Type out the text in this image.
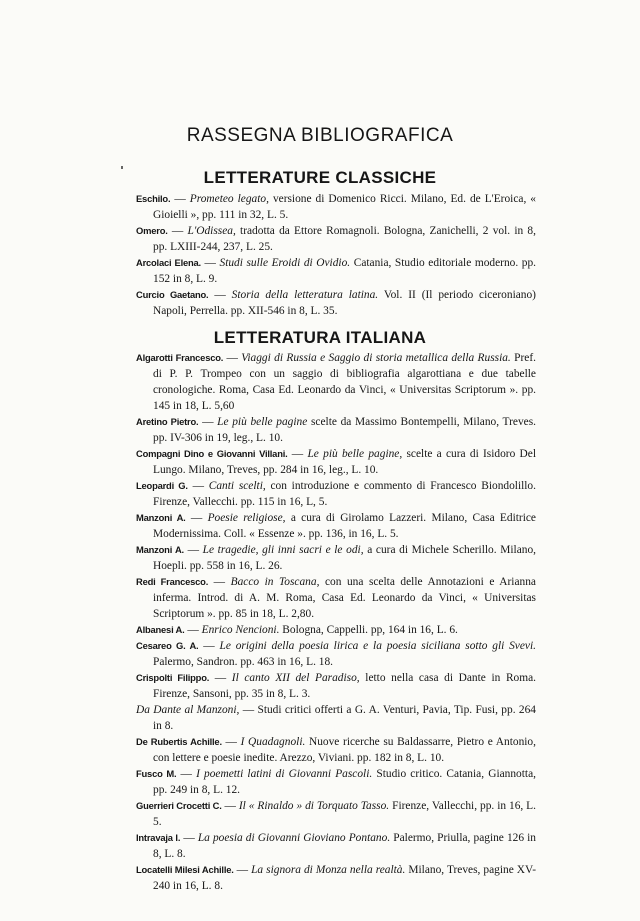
RASSEGNA BIBLIOGRAFICA
LETTERATURE CLASSICHE

Eschilo. — Prometeo legato, versione di Domenico Ricci. Milano, Ed. de L'Eroica, « Gioielli », pp. 111 in 32, L. 5.

Omero. — L'Odissea, tradotta da Ettore Romagnoli. Bologna, Zanichelli, 2 vol. in 8, pp. LXIII-244, 237, L. 25.

Arcolaci Elena. — Studi sulle Eroidi di Ovidio. Catania, Studio editoriale moderno. pp. 152 in 8, L. 9.

Curcio Gaetano. — Storia della letteratura latina. Vol. II (Il periodo ciceroniano) Napoli, Perrella. pp. XII-546 in 8, L. 35.

LETTERATURA ITALIANA

Algarotti Francesco. — Viaggi di Russia e Saggio di storia metallica della Russia. Pref. di P. P. Trompeo con un saggio di bibliografia algarottiana e due tabelle cronologiche. Roma, Casa Ed. Leonardo da Vinci, « Universitas Scriptorum ». pp. 145 in 18, L. 5,60

Aretino Pietro. — Le più belle pagine scelte da Massimo Bontempelli, Milano, Treves. pp. IV-306 in 19, leg., L. 10.

Compagni Dino e Giovanni Villani. — Le più belle pagine, scelte a cura di Isidoro Del Lungo. Milano, Treves, pp. 284 in 16, leg., L. 10.

Leopardi G. — Canti scelti, con introduzione e commento di Francesco Biondolillo. Firenze, Vallecchi. pp. 115 in 16, L, 5.

Manzoni A. — Poesie religiose, a cura di Girolamo Lazzeri. Milano, Casa Editrice Modernissima. Coll. « Essenze ». pp. 136, in 16, L. 5.

Manzoni A. — Le tragedie, gli inni sacri e le odi, a cura di Michele Scherillo. Milano, Hoepli. pp. 558 in 16, L. 26.

Redi Francesco. — Bacco in Toscana, con una scelta delle Annotazioni e Arianna inferma. Introd. di A. M. Roma, Casa Ed. Leonardo da Vinci, « Universitas Scriptorum ». pp. 85 in 18, L. 2,80.

Albanesi A. — Enrico Nencioni. Bologna, Cappelli. pp, 164 in 16, L. 6.

Cesareo G. A. — Le origini della poesia lirica e la poesia siciliana sotto gli Svevi. Palermo, Sandron. pp. 463 in 16, L. 18.

Crispolti Filippo. — Il canto XII del Paradiso, letto nella casa di Dante in Roma. Firenze, Sansoni, pp. 35 in 8, L. 3.

Da Dante al Manzoni, — Studi critici offerti a G. A. Venturi, Pavia, Tip. Fusi, pp. 264 in 8.

De Rubertis Achille. — I Quadagnoli. Nuove ricerche su Baldassarre, Pietro e Antonio, con lettere e poesie inedite. Arezzo, Viviani. pp. 182 in 8, L. 10.

Fusco M. — I poemetti latini di Giovanni Pascoli. Studio critico. Catania, Giannotta, pp. 249 in 8, L. 12.

Guerrieri Crocetti C. — Il « Rinaldo » di Torquato Tasso. Firenze, Vallecchi, pp. in 16, L. 5.

Intravaja I. — La poesia di Giovanni Gioviano Pontano. Palermo, Priulla, pagine 126 in 8, L. 8.

Locatelli Milesi Achille. — La signora di Monza nella realtà. Milano, Treves, pagine XV-240 in 16, L. 8.
